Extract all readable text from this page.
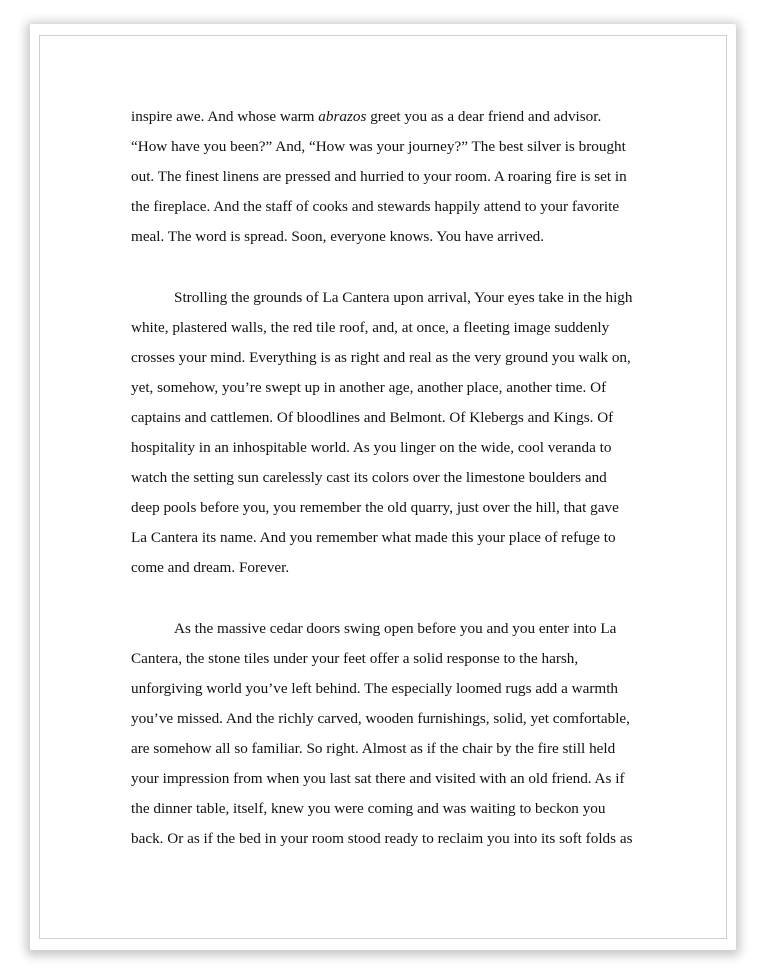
inspire awe. And whose warm abrazos greet you as a dear friend and advisor.
“How have you been?” And, “How was your journey?” The best silver is brought
out. The finest linens are pressed and hurried to your room. A roaring fire is set in
the fireplace. And the staff of cooks and stewards happily attend to your favorite
meal. The word is spread. Soon, everyone knows. You have arrived.
Strolling the grounds of La Cantera upon arrival, Your eyes take in the high
white, plastered walls, the red tile roof, and, at once, a fleeting image suddenly
crosses your mind. Everything is as right and real as the very ground you walk on,
yet, somehow, you’re swept up in another age, another place, another time. Of
captains and cattlemen. Of bloodlines and Belmont. Of Klebergs and Kings. Of
hospitality in an inhospitable world. As you linger on the wide, cool veranda to
watch the setting sun carelessly cast its colors over the limestone boulders and
deep pools before you, you remember the old quarry, just over the hill, that gave
La Cantera its name. And you remember what made this your place of refuge to
come and dream. Forever.
As the massive cedar doors swing open before you and you enter into La
Cantera, the stone tiles under your feet offer a solid response to the harsh,
unforgiving world you’ve left behind. The especially loomed rugs add a warmth
you’ve missed. And the richly carved, wooden furnishings, solid, yet comfortable,
are somehow all so familiar. So right. Almost as if the chair by the fire still held
your impression from when you last sat there and visited with an old friend. As if
the dinner table, itself, knew you were coming and was waiting to beckon you
back. Or as if the bed in your room stood ready to reclaim you into its soft folds as
